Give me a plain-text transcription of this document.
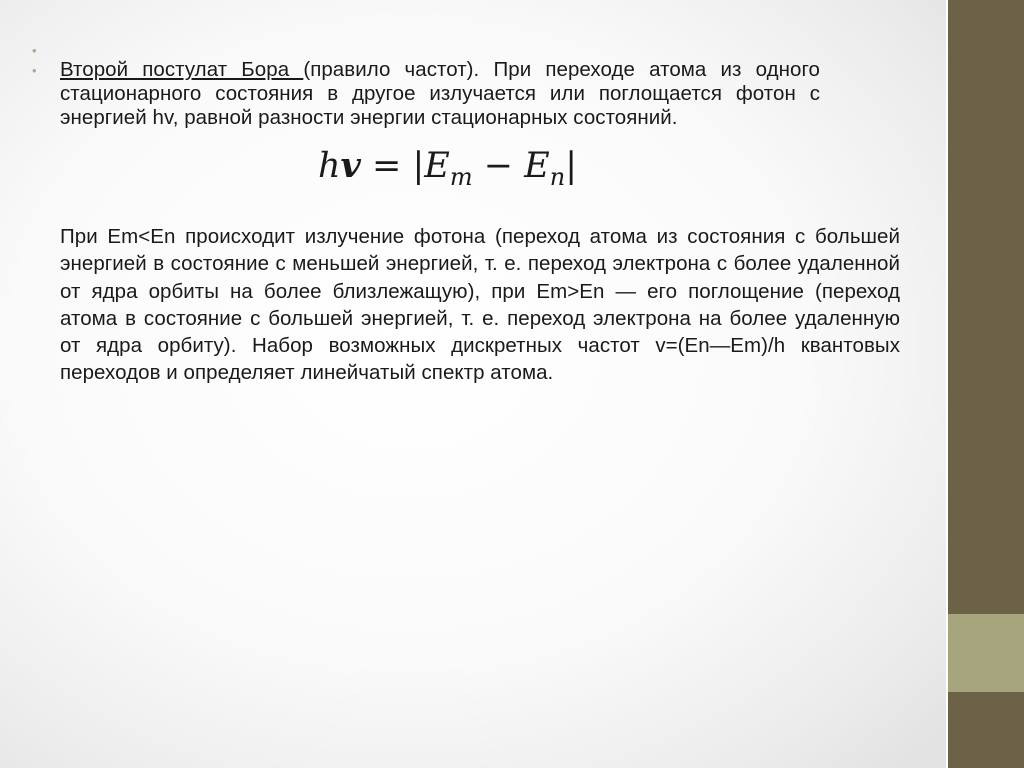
•
• Второй постулат Бора (правило частот). При переходе атома из одного стационарного состояния в другое излучается или поглощается фотон с энергией hv, равной разности энергии стационарных состояний.
hv = $|E_m - E_n|$
При Em<En происходит излучение фотона (переход атома из состояния с большей энергией в состояние с меньшей энергией, т. е. переход электрона с более удаленной от ядра орбиты на более близлежащую), при Em>En — его поглощение (переход атома в состояние с большей энергией, т. е. переход электрона на более удаленную от ядра орбиту). Набор возможных дискретных частот v=(En—Em)/h квантовых переходов и определяет линейчатый спектр атома.
